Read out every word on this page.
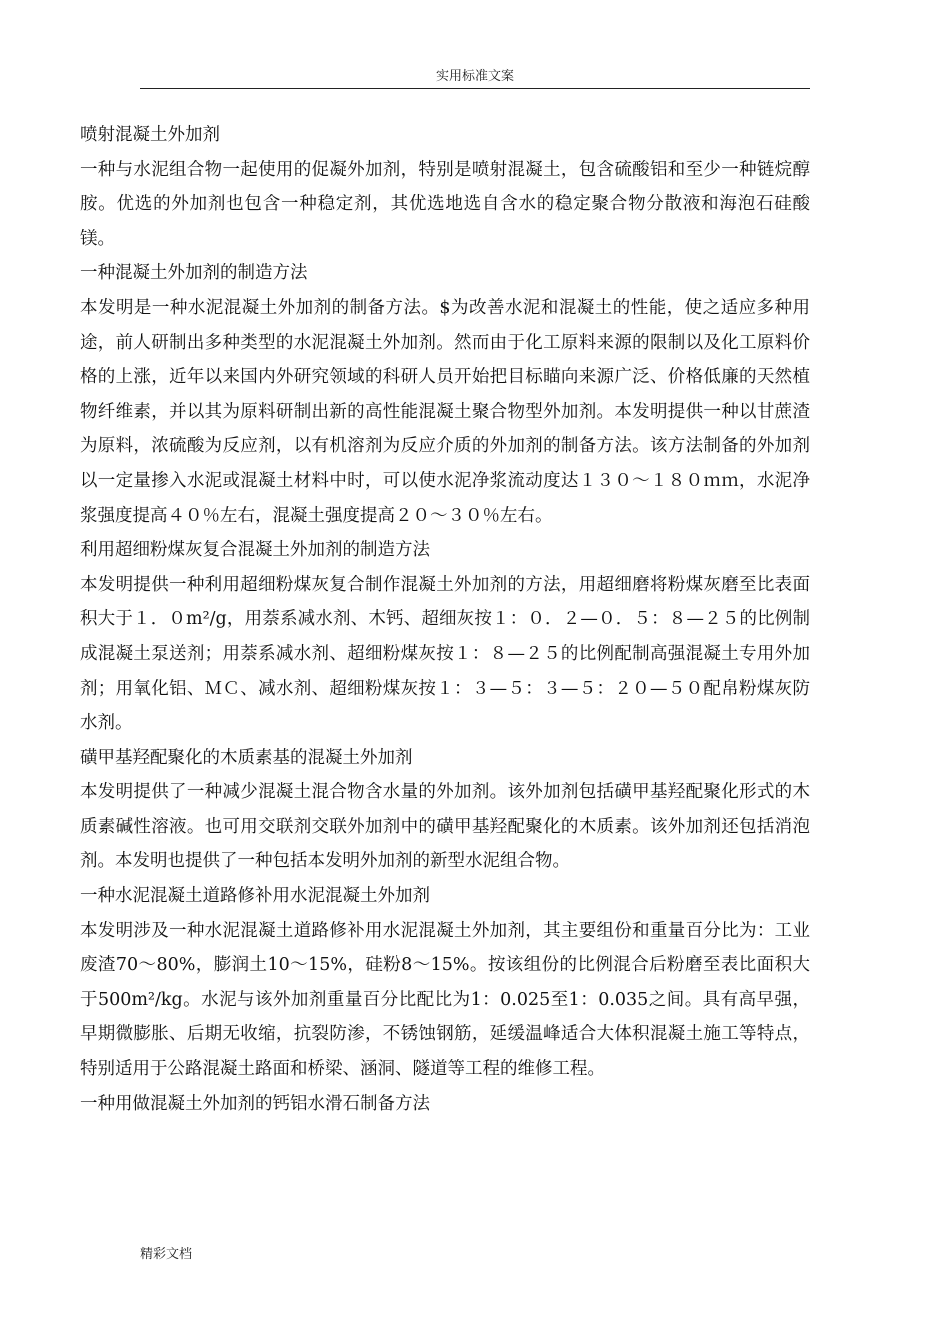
实用标准文案

喷射混凝土外加剂

一种与水泥组合物一起使用的促凝外加剂，特别是喷射混凝土，包含硫酸铝和至少一种链烷醇胺。优选的外加剂也包含一种稳定剂，其优选地选自含水的稳定聚合物分散液和海泡石硅酸镁。

一种混凝土外加剂的制造方法

本发明是一种水泥混凝土外加剂的制备方法。$为改善水泥和混凝土的性能，使之适应多种用途，前人研制出多种类型的水泥混凝土外加剂。然而由于化工原料来源的限制以及化工原料价格的上涨，近年以来国内外研究领域的科研人员开始把目标瞄向来源广泛、价格低廉的天然植物纤维素，并以其为原料研制出新的高性能混凝土聚合物型外加剂。本发明提供一种以甘蔗渣为原料，浓硫酸为反应剂，以有机溶剂为反应介质的外加剂的制备方法。该方法制备的外加剂以一定量掺入水泥或混凝土材料中时，可以使水泥净浆流动度达１３０～１８０ｍｍ，水泥净浆强度提高４０％左右，混凝土强度提高２０～３０％左右。

利用超细粉煤灰复合混凝土外加剂的制造方法

本发明提供一种利用超细粉煤灰复合制作混凝土外加剂的方法，用超细磨将粉煤灰磨至比表面积大于１．０m²/g，用萘系减水剂、木钙、超细灰按１：０．２—０．５：８—２５的比例制成混凝土泵送剂；用萘系减水剂、超细粉煤灰按１：８—２５的比例配制高强混凝土专用外加剂；用氧化铝、ＭＣ、减水剂、超细粉煤灰按１：３—５：３—５：２０—５０配帛粉煤灰防水剂。

磺甲基羟配聚化的木质素基的混凝土外加剂

本发明提供了一种减少混凝土混合物含水量的外加剂。该外加剂包括磺甲基羟配聚化形式的木质素碱性溶液。也可用交联剂交联外加剂中的磺甲基羟配聚化的木质素。该外加剂还包括消泡剂。本发明也提供了一种包括本发明外加剂的新型水泥组合物。

一种水泥混凝土道路修补用水泥混凝土外加剂

本发明涉及一种水泥混凝土道路修补用水泥混凝土外加剂，其主要组份和重量百分比为：工业废渣70～80%，膨润土10～15%，硅粉8～15%。按该组份的比例混合后粉磨至表比面积大于500m²/kg。水泥与该外加剂重量百分比配比为1：0.025至1：0.035之间。具有高早强，早期微膨胀、后期无收缩，抗裂防渗，不锈蚀钢筋，延缓温峰适合大体积混凝土施工等特点，特别适用于公路混凝土路面和桥梁、涵洞、隧道等工程的维修工程。

一种用做混凝土外加剂的钙铝水滑石制备方法

精彩文档
